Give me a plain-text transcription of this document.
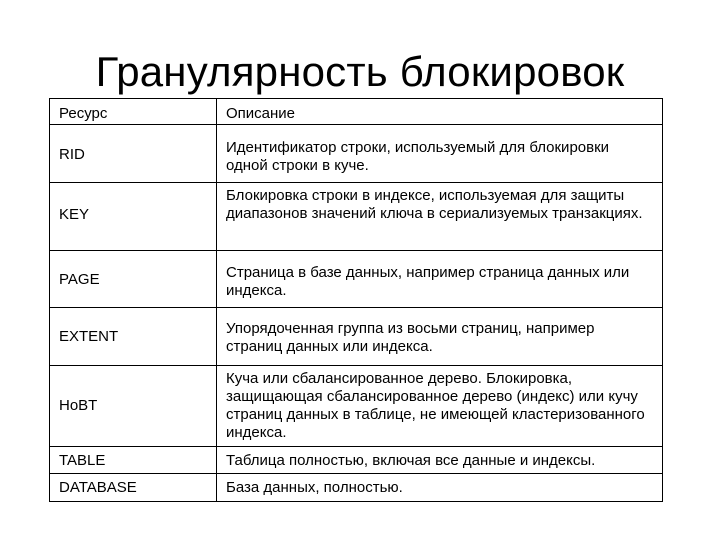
Гранулярность блокировок
Ресурс	Описание

RID	Идентификатор строки, используемый для блокировки одной строки в куче.

KEY	Блокировка строки в индексе, используемая для защиты диапазонов значений ключа в сериализуемых транзакциях.

PAGE	Страница в базе данных, например страница данных или индекса.

EXTENT	Упорядоченная группа из восьми страниц, например страниц данных или индекса.

HoBT	Куча или сбалансированное дерево. Блокировка, защищающая сбалансированное дерево (индекс) или кучу страниц данных в таблице, не имеющей кластеризованного индекса.

TABLE	Таблица полностью, включая все данные и индексы.

DATABASE	База данных, полностью.
